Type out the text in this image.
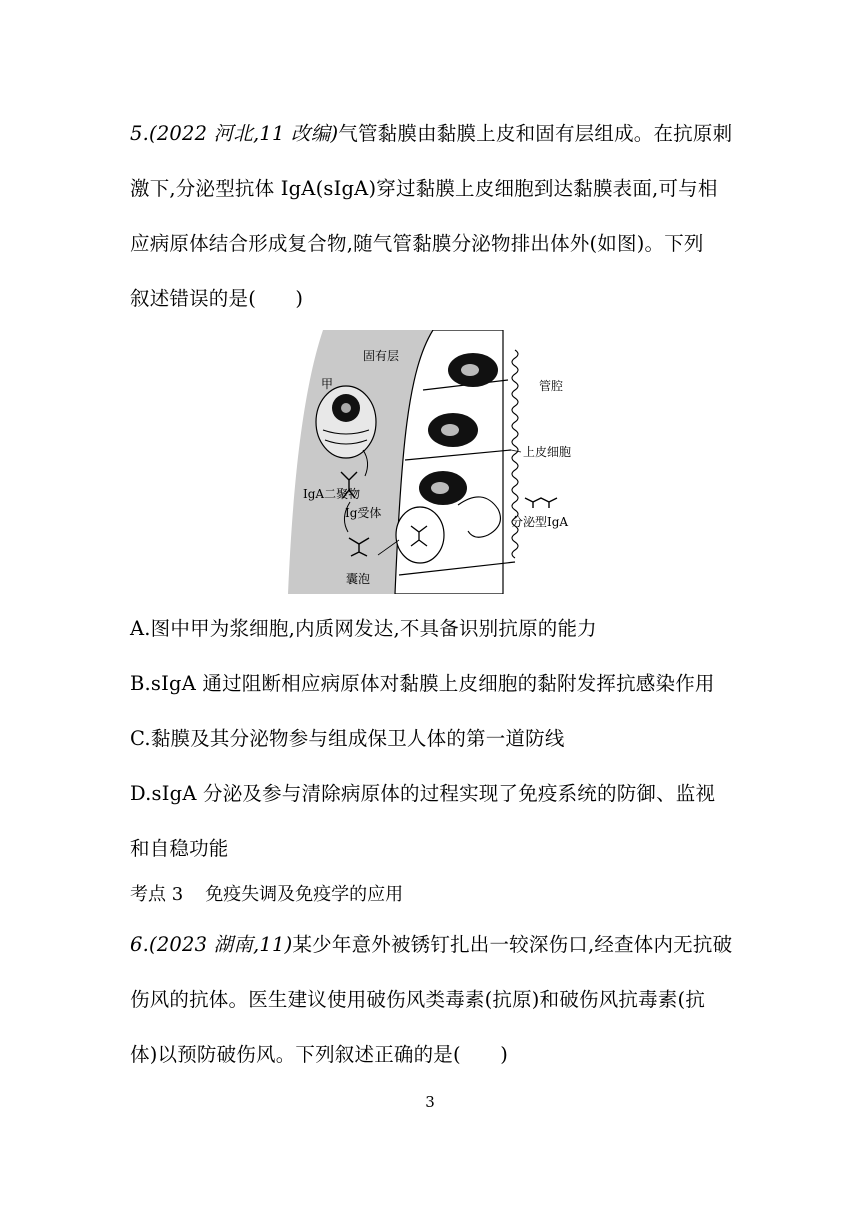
5.(2022 河北,11 改编)气管黏膜由黏膜上皮和固有层组成。在抗原刺
激下,分泌型抗体 IgA(sIgA)穿过黏膜上皮细胞到达黏膜表面,可与相
应病原体结合形成复合物,随气管黏膜分泌物排出体外(如图)。下列
叙述错误的是(　　)
固有层
甲	管腔
上皮细胞
IgA二聚物
Ig受体
分泌型IgA
囊泡
A.图中甲为浆细胞,内质网发达,不具备识别抗原的能力
B.sIgA 通过阻断相应病原体对黏膜上皮细胞的黏附发挥抗感染作用
C.黏膜及其分泌物参与组成保卫人体的第一道防线
D.sIgA 分泌及参与清除病原体的过程实现了免疫系统的防御、监视
和自稳功能
考点 3 免疫失调及免疫学的应用
6.(2023 湖南,11)某少年意外被锈钉扎出一较深伤口,经查体内无抗破
伤风的抗体。医生建议使用破伤风类毒素(抗原)和破伤风抗毒素(抗
体)以预防破伤风。下列叙述正确的是(　　)
3
